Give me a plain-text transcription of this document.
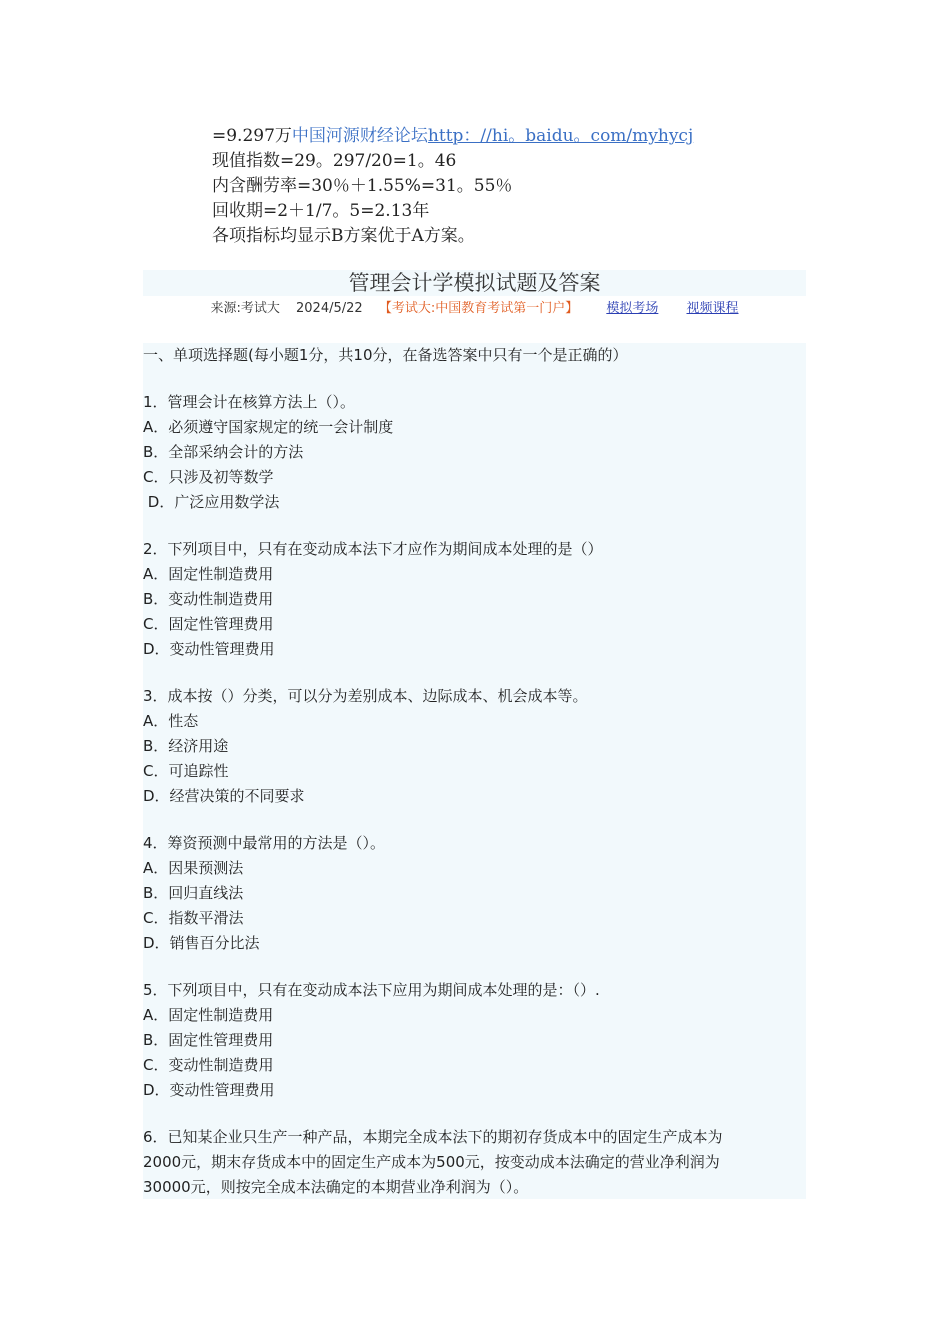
=9.297万中国河源财经论坛http：//hi。baidu。com/myhycj
现值指数=29。297/20=1。46
内含酬劳率=30％＋1.55%=31。55％
回收期=2＋1/7。5=2.13年
各项指标均显示B方案优于A方案。
管理会计学模拟试题及答案
来源:考试大 2024/5/22 【考试大:中国教育考试第一门户】 模拟考场 视频课程
一、单项选择题(每小题1分，共10分，在备选答案中只有一个是正确的）
1．管理会计在核算方法上（）。
A．必须遵守国家规定的统一会计制度
B．全部采纳会计的方法
C．只涉及初等数学
D．广泛应用数学法
2．下列项目中，只有在变动成本法下才应作为期间成本处理的是（）
A．固定性制造费用
B．变动性制造费用
C．固定性管理费用
D．变动性管理费用
3．成本按（）分类，可以分为差别成本、边际成本、机会成本等。
A．性态
B．经济用途
C．可追踪性
D．经营决策的不同要求
4．筹资预测中最常用的方法是（）。
A．因果预测法
B．回归直线法
C．指数平滑法
D．销售百分比法
5．下列项目中，只有在变动成本法下应用为期间成本处理的是：（）.
A．固定性制造费用
B．固定性管理费用
C．变动性制造费用
D．变动性管理费用
6．已知某企业只生产一种产品，本期完全成本法下的期初存货成本中的固定生产成本为
2000元，期末存货成本中的固定生产成本为500元，按变动成本法确定的营业净利润为
30000元，则按完全成本法确定的本期营业净利润为（）。
